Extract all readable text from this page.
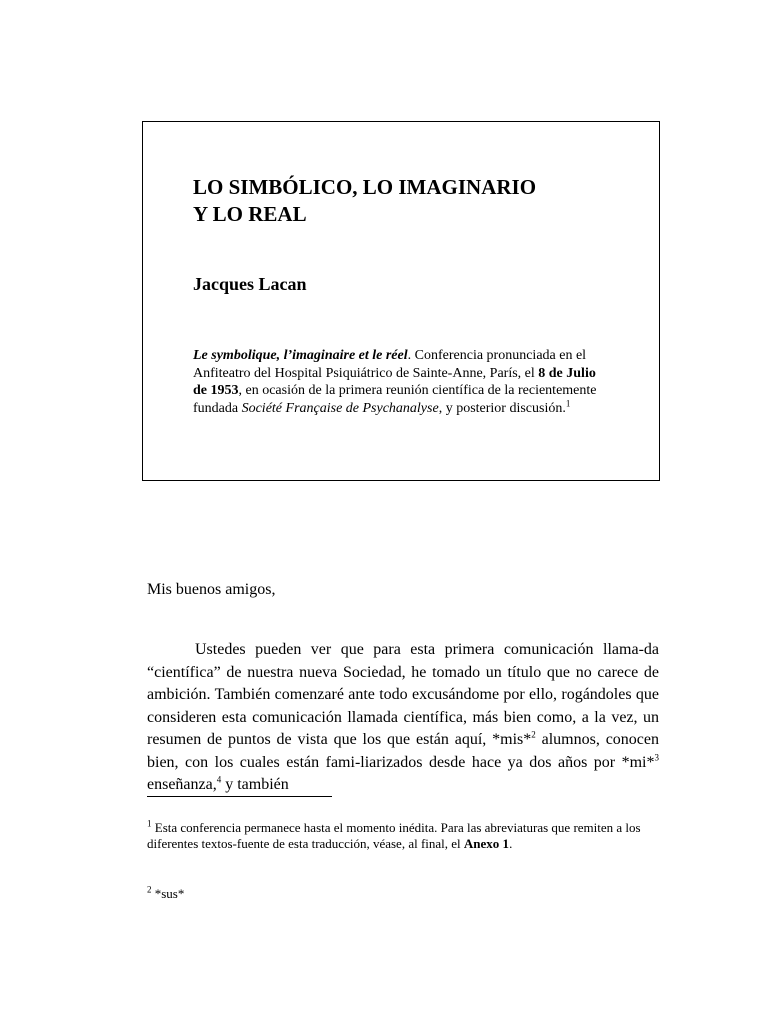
LO SIMBÓLICO, LO IMAGINARIO
Y LO REAL
Jacques Lacan

Le symbolique, l’imaginaire et le réel. Conferencia pronunciada en el Anfiteatro del Hospital Psiquiátrico de Sainte-Anne, París, el 8 de Julio de 1953, en ocasión de la primera reunión científica de la recientemente fundada Société Française de Psychanalyse, y posterior discusión.$^1$

Mis buenos amigos,

Ustedes pueden ver que para esta primera comunicación llama-da “científica” de nuestra nueva Sociedad, he tomado un título que no carece de ambición. También comenzaré ante todo excusándome por ello, rogándoles que consideren esta comunicación llamada científica, más bien como, a la vez, un resumen de puntos de vista que los que están aquí, *mis*$^2$ alumnos, conocen bien, con los cuales están fami-liarizados desde hace ya dos años por *mi*$^3$ enseñanza,$^4$ y también

$^1$ Esta conferencia permanece hasta el momento inédita. Para las abreviaturas que remiten a los diferentes textos-fuente de esta traducción, véase, al final, el Anexo 1.

$^2$ *sus*
